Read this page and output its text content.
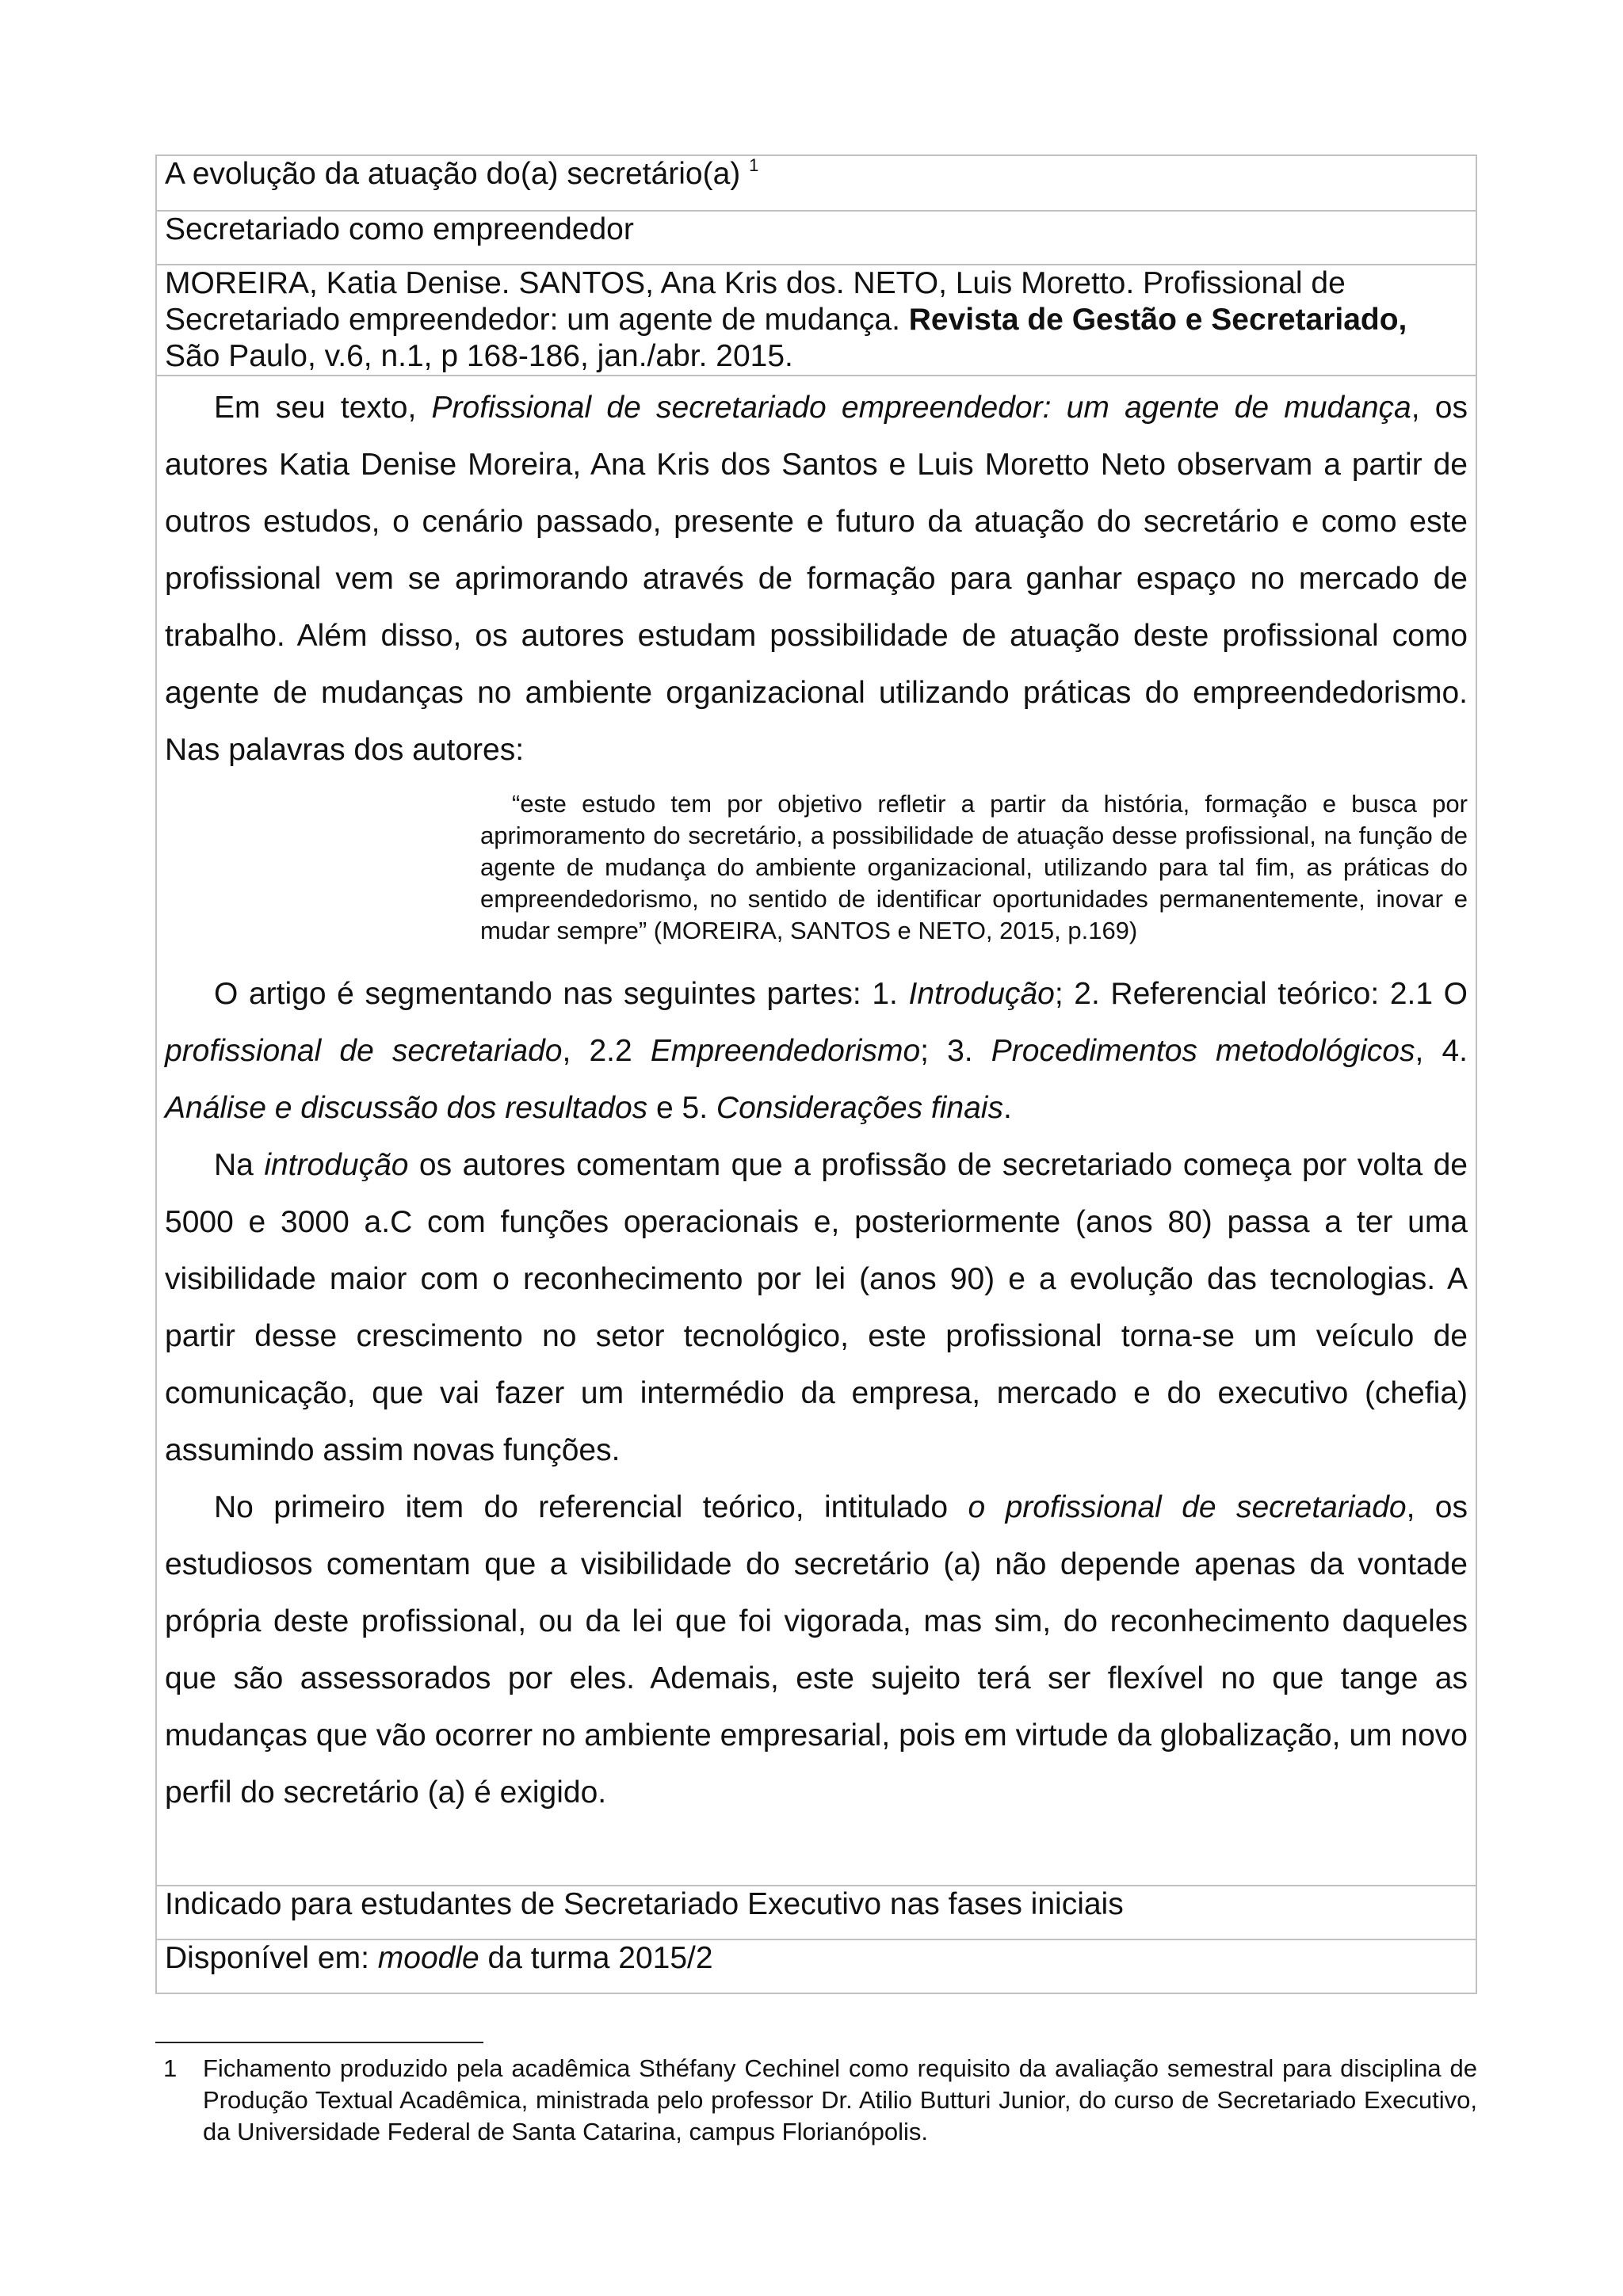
A evolução da atuação do(a) secretário(a) $^1$
Secretariado como empreendedor
MOREIRA, Katia Denise. SANTOS, Ana Kris dos. NETO, Luis Moretto. Profissional de Secretariado empreendedor: um agente de mudança. Revista de Gestão e Secretariado, São Paulo, v.6, n.1, p 168-186, jan./abr. 2015.

Em seu texto, Profissional de secretariado empreendedor: um agente de mudança, os autores Katia Denise Moreira, Ana Kris dos Santos e Luis Moretto Neto observam a partir de outros estudos, o cenário passado, presente e futuro da atuação do secretário e como este profissional vem se aprimorando através de formação para ganhar espaço no mercado de trabalho. Além disso, os autores estudam possibilidade de atuação deste profissional como agente de mudanças no ambiente organizacional utilizando práticas do empreendedorismo. Nas palavras dos autores:

“este estudo tem por objetivo refletir a partir da história, formação e busca por aprimoramento do secretário, a possibilidade de atuação desse profissional, na função de agente de mudança do ambiente organizacional, utilizando para tal fim, as práticas do empreendedorismo, no sentido de identificar oportunidades permanentemente, inovar e mudar sempre” (MOREIRA, SANTOS e NETO, 2015, p.169)

O artigo é segmentando nas seguintes partes: 1. Introdução; 2. Referencial teórico: 2.1 O profissional de secretariado, 2.2 Empreendedorismo; 3. Procedimentos metodológicos, 4. Análise e discussão dos resultados e 5. Considerações finais.

Na introdução os autores comentam que a profissão de secretariado começa por volta de 5000 e 3000 a.C com funções operacionais e, posteriormente (anos 80) passa a ter uma visibilidade maior com o reconhecimento por lei (anos 90) e a evolução das tecnologias. A partir desse crescimento no setor tecnológico, este profissional torna-se um veículo de comunicação, que vai fazer um intermédio da empresa, mercado e do executivo (chefia) assumindo assim novas funções.

No primeiro item do referencial teórico, intitulado o profissional de secretariado, os estudiosos comentam que a visibilidade do secretário (a) não depende apenas da vontade própria deste profissional, ou da lei que foi vigorada, mas sim, do reconhecimento daqueles que são assessorados por eles. Ademais, este sujeito terá ser flexível no que tange as mudanças que vão ocorrer no ambiente empresarial, pois em virtude da globalização, um novo perfil do secretário (a) é exigido.

Indicado para estudantes de Secretariado Executivo nas fases iniciais
Disponível em: moodle da turma 2015/2
1 Fichamento produzido pela acadêmica Sthéfany Cechinel como requisito da avaliação semestral para disciplina de Produção Textual Acadêmica, ministrada pelo professor Dr. Atilio Butturi Junior, do curso de Secretariado Executivo, da Universidade Federal de Santa Catarina, campus Florianópolis.
